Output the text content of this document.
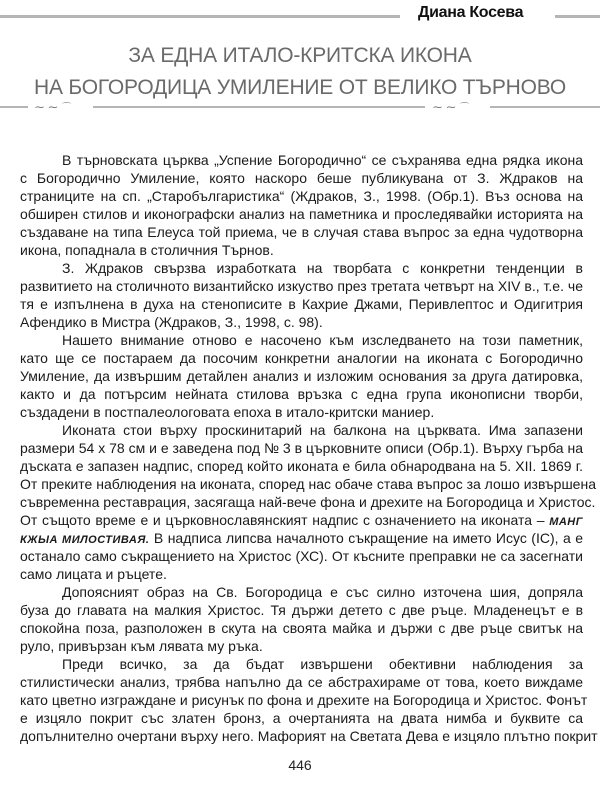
Диана Косева
ЗА ЕДНА ИТАЛО-КРИТСКА ИКОНА
НА БОГОРОДИЦА УМИЛЕНИЕ ОТ ВЕЛИКО ТЪРНОВО
⁓ ⁓ ⌒	⁓ ⁓ ⌒
В търновската църква „Успение Богородично“ се съхранява една рядка икона
с Богородично Умиление, която наскоро беше публикувана от З. Ждраков на
страниците на сп. „Старобългаристика“ (Ждраков, З., 1998. (Обр.1). Въз основа на
обширен стилов и иконографски анализ на паметника и проследявайки историята на
създаване на типа Елеуса той приема, че в случая става въпрос за една чудотворна
икона, попаднала в столичния Търнов.
З. Ждраков свързва изработката на творбата с конкретни тенденции в
развитието на столичното византийско изкуство през третата четвърт на XIV в., т.е. че
тя е изпълнена в духа на стенописите в Кахрие Джами, Перивлептос и Одигитрия
Афендико в Мистра (Ждраков, З., 1998, с. 98).
Нашето внимание отново е насочено към изследването на този паметник,
като ще се постараем да посочим конкретни аналогии на иконата с Богородично
Умиление, да извършим детайлен анализ и изложим основания за друга датировка,
както и да потърсим нейната стилова връзка с една група иконописни творби,
създадени в постпалеологовата епоха в итало-критски маниер.
Иконата стои върху проскинитарий на балкона на църквата. Има запазени
размери 54 x 78 см и е заведена под № 3 в църковните описи (Обр.1). Върху гърба на
дъската е запазен надпис, според който иконата е била обнародвана на 5. XII. 1869 г.
От преките наблюдения на иконата, според нас обаче става въпрос за лошо извършена
съвременна реставрация, засягаща най-вече фона и дрехите на Богородица и Христос.
От същото време е и църковнославянският надпис с означението на иконата – МАНГ
КЖЫА МИЛОСТИВАЯ. В надписа липсва началното съкращение на името Исус (IC), а е
останало само съкращението на Христос (ХС). От късните преправки не са засегнати
само лицата и ръцете.
Допоясният образ на Св. Богородица е със силно източена шия, допряла
буза до главата на малкия Христос. Тя държи детето с две ръце. Младенецът е в
спокойна поза, разположен в скута на своята майка и държи с две ръце свитък на
руло, привързан към лявата му ръка.
Преди всичко, за да бъдат извършени обективни наблюдения за
стилистически анализ, трябва напълно да се абстрахираме от това, което виждаме
като цветно изграждане и рисунък по фона и дрехите на Богородица и Христос. Фонът
е изцяло покрит със златен бронз, а очертанията на двата нимба и буквите са
допълнително очертани върху него. Мафорият на Светата Дева е изцяло плътно покрит
446
